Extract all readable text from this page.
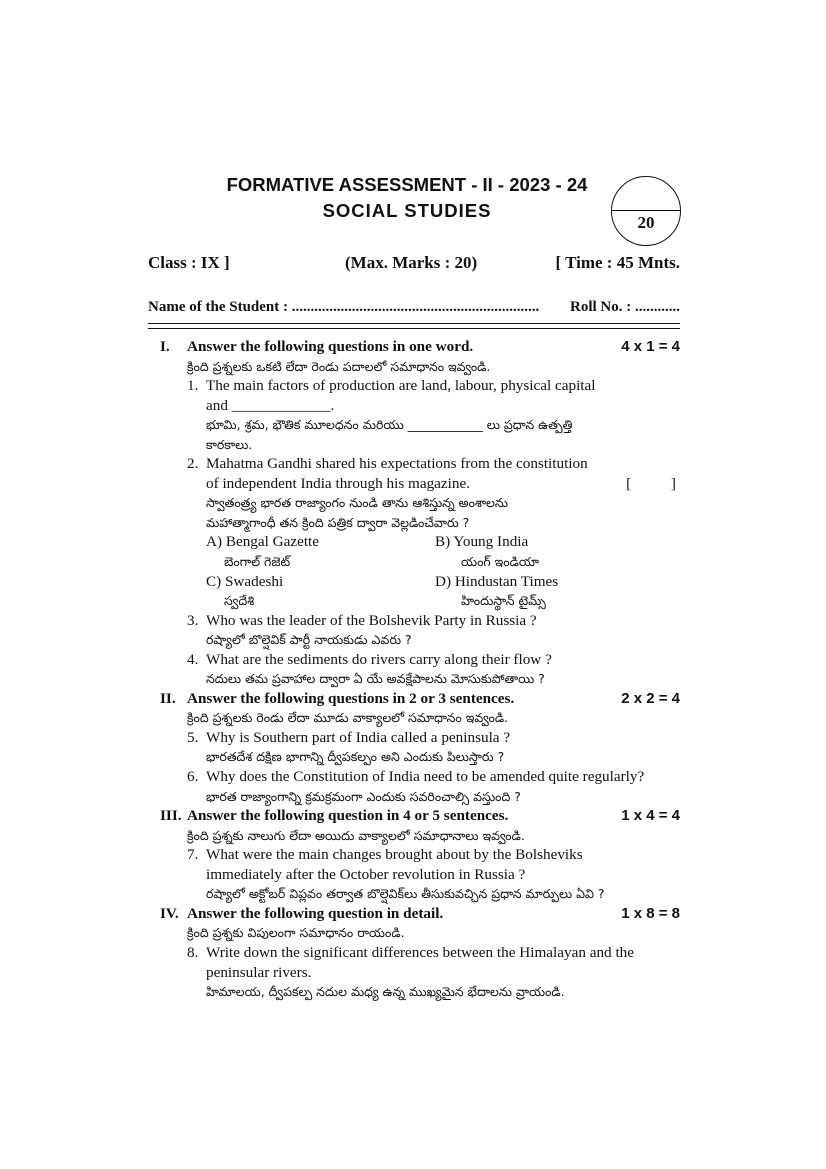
FORMATIVE ASSESSMENT - II - 2023 - 24
SOCIAL STUDIES
20
Class : IX ]	(Max. Marks : 20)	[ Time : 45 Mnts.
Name of the Student : .................................................................. Roll No. : ............
I.	Answer the following questions in one word.	4 x 1 = 4
క్రింది ప్రశ్నలకు ఒకటి లేదా రెండు పదాలలో సమాధానం ఇవ్వండి.
1. The main factors of production are land, labour, physical capital
and _____________.
భూమి, శ్రమ, భౌతిక మూలధనం మరియు ____________ లు ప్రధాన ఉత్పత్తి
కారకాలు.
2. Mahatma Gandhi shared his expectations from the constitution
of independent India through his magazine.	[ ]
స్వాతంత్ర్య భారత రాజ్యాంగం నుండి తాను ఆశిస్తున్న అంశాలను
మహాత్మాగాంధీ తన క్రింది పత్రిక ద్వారా వెల్లడించేవారు ?
A) Bengal Gazette	B) Young India
బెంగాల్ గెజెట్	యంగ్ ఇండియా
C) Swadeshi	D) Hindustan Times
స్వదేశి	హిందుస్థాన్ టైమ్స్
3. Who was the leader of the Bolshevik Party in Russia ?
రష్యాలో బొల్షెవిక్ పార్టీ నాయకుడు ఎవరు ?
4. What are the sediments do rivers carry along their flow ?
నదులు తమ ప్రవాహాల ద్వారా ఏ యే అవక్షేపాలను మోసుకుపోతాయి ?
II. Answer the following questions in 2 or 3 sentences.	2 x 2 = 4
క్రింది ప్రశ్నలకు రెండు లేదా మూడు వాక్యాలలో సమాధానం ఇవ్వండి.
5. Why is Southern part of India called a peninsula ?
భారతదేశ దక్షిణ భాగాన్ని ద్వీపకల్పం అని ఎందుకు పిలుస్తారు ?
6. Why does the Constitution of India need to be amended quite regularly?
భారత రాజ్యాంగాన్ని క్రమక్రమంగా ఎందుకు సవరించాల్సి వస్తుంది ?
III. Answer the following question in 4 or 5 sentences.	1 x 4 = 4
క్రింది ప్రశ్నకు నాలుగు లేదా అయిదు వాక్యాలలో సమాధానాలు ఇవ్వండి.
7. What were the main changes brought about by the Bolsheviks
immediately after the October revolution in Russia ?
రష్యాలో అక్టోబర్ విప్లవం తర్వాత బొల్షెవిక్‌లు తీసుకువచ్చిన ప్రధాన మార్పులు ఏవి ?
IV. Answer the following question in detail.	1 x 8 = 8
క్రింది ప్రశ్నకు విపులంగా సమాధానం రాయండి.
8. Write down the significant differences between the Himalayan and the
peninsular rivers.
హిమాలయ, ద్వీపకల్ప నదుల మధ్య ఉన్న ముఖ్యమైన భేదాలను వ్రాయండి.
